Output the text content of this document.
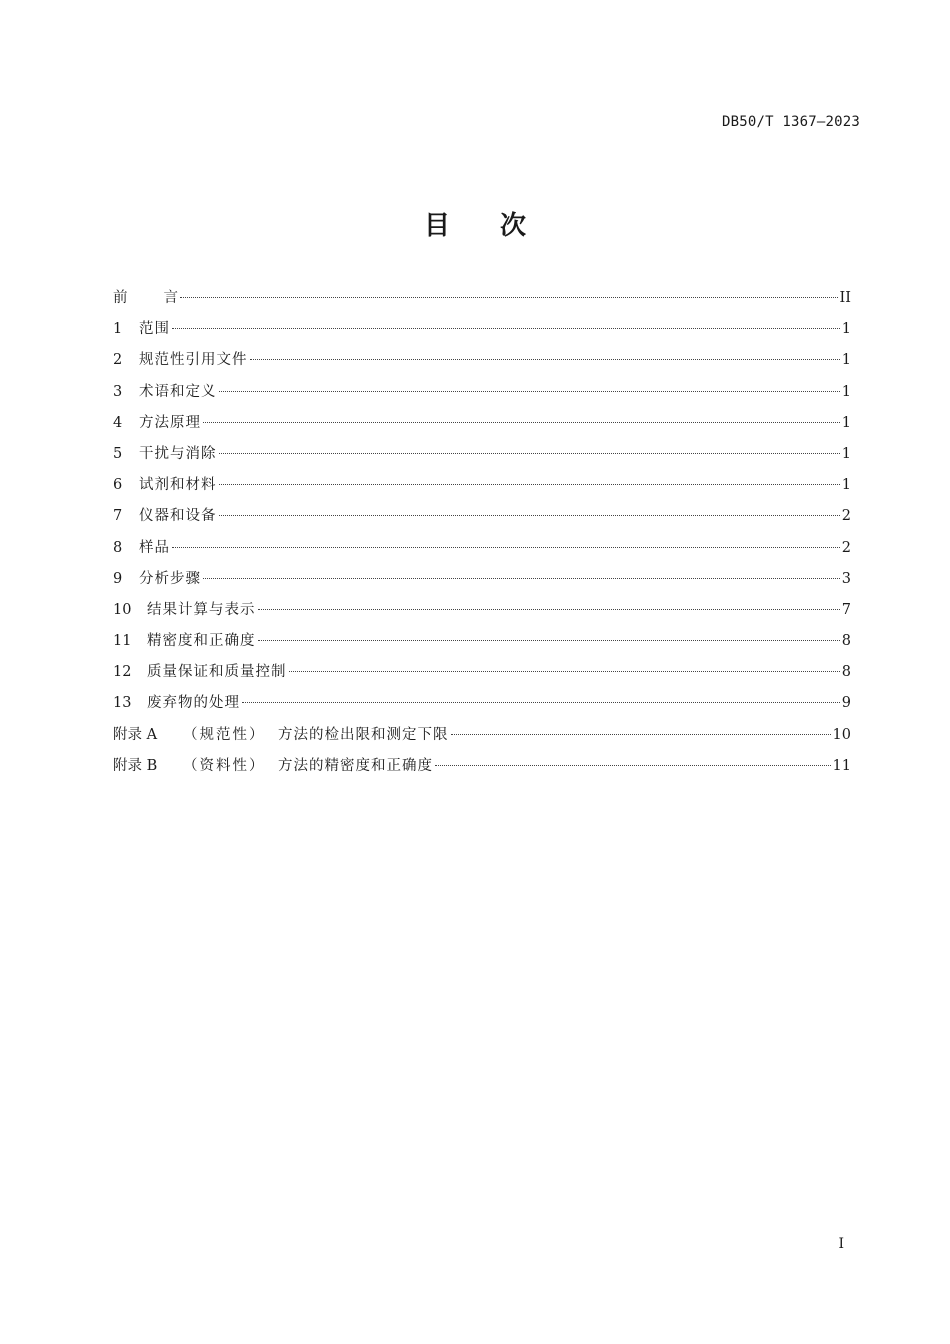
DB50/T 1367—2023
目 次
前 言	II
1	范围	1
2	规范性引用文件	1
3	术语和定义	1
4	方法原理	1
5	干扰与消除	1
6	试剂和材料	1
7	仪器和设备	2
8	样品	2
9	分析步骤	3
10	结果计算与表示	7
11	精密度和正确度	8
12	质量保证和质量控制	8
13	废弃物的处理	9
附录 A	（规范性） 方法的检出限和测定下限	10
附录 B	（资料性） 方法的精密度和正确度	11
I
